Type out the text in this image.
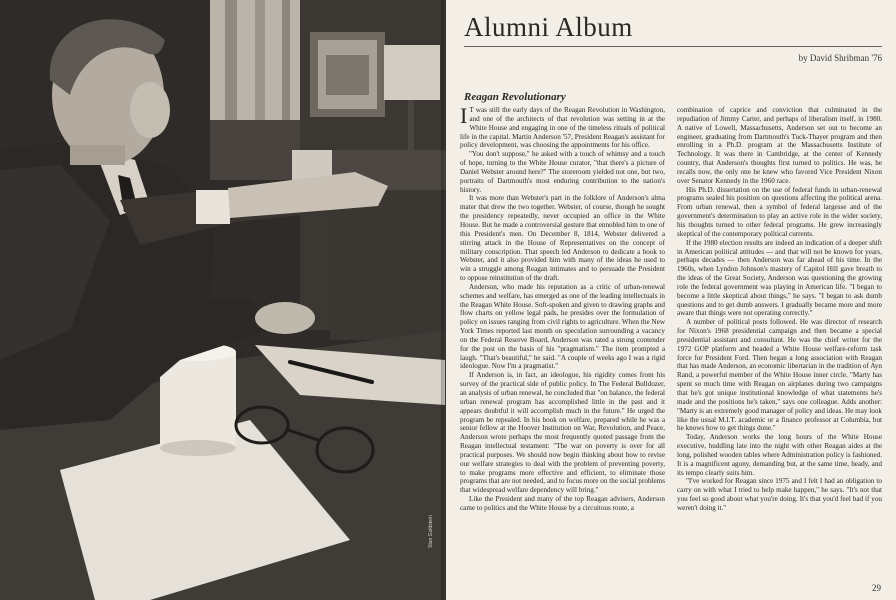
Stan Goldstein
Alumni Album
by David Shribman '76
Reagan Revolutionary

I T was still the early days of the Reagan Revolution in Washington, and one of the architects of that revolution was setting in at the White House and engaging in one of the timeless rituals of political life in the capital. Martin Anderson '57, President Reagan's assistant for policy development, was choosing the appointments for his office.

"You don't suppose," he asked with a touch of whimsy and a touch of hope, turning to the White House curator, "that there's a picture of Daniel Webster around here?" The storeroom yielded not one, but two, portraits of Dartmouth's most enduring contribution to the nation's history.

It was more than Webster's part in the folklore of Anderson's alma mater that drew the two together. Webster, of course, though he sought the presidency repeatedly, never occupied an office in the White House. But he made a controversial gesture that ennobled him to one of this President's men. On December 8, 1814, Webster delivered a stirring attack in the House of Representatives on the concept of military conscription. That speech led Anderson to dedicate a book to Webster, and it also provided him with many of the ideas he used to win a struggle among Reagan intimates and to persuade the President to oppose reinstitution of the draft.

Anderson, who made his reputation as a critic of urban-renewal schemes and welfare, has emerged as one of the leading intellectuals in the Reagan White House. Soft-spoken and given to drawing graphs and flow charts on yellow legal pads, he presides over the formulation of policy on issues ranging from civil rights to agriculture. When the New York Times reported last month on speculation surrounding a vacancy on the Federal Reserve Board, Anderson was rated a strong contender for the post on the basis of his "pragmatism." The item prompted a laugh. "That's beautiful," he said. "A couple of weeks ago I was a rigid ideologue. Now I'm a pragmatist."

If Anderson is, in fact, an ideologue, his rigidity comes from his survey of the practical side of public policy. In The Federal Bulldozer, an analysis of urban renewal, he concluded that "on balance, the federal urban renewal program has accomplished little in the past and it appears doubtful it will accomplish much in the future." He urged the program be repealed. In his book on welfare, prepared while he was a senior fellow at the Hoover Institution on War, Revolution, and Peace, Anderson wrote perhaps the most frequently quoted passage from the Reagan intellectual testament: "The war on poverty is over for all practical purposes. We should now begin thinking about how to revise our welfare strategies to deal with the problem of preventing poverty, to make programs more effective and efficient, to eliminate those programs that are not needed, and to focus more on the social problems that widespread welfare dependency will bring."

Like the President and many of the top Reagan advisers, Anderson came to politics and the White House by a circuitous route, a

combination of caprice and conviction that culminated in the repudiation of Jimmy Carter, and perhaps of liberalism itself, in 1980. A native of Lowell, Massachusetts, Anderson set out to become an engineer, graduating from Dartmouth's Tuck-Thayer program and then enrolling in a Ph.D. program at the Massachusetts Institute of Technology. It was there in Cambridge, at the center of Kennedy country, that Anderson's thoughts first turned to politics. He was, he recalls now, the only one he knew who favored Vice President Nixon over Senator Kennedy in the 1960 race.

His Ph.D. dissertation on the use of federal funds in urban-renewal programs sealed his position on questions affecting the political arena. From urban renewal, then a symbol of federal largesse and of the government's determination to play an active role in the wider society, his thoughts turned to other federal programs. He grew increasingly skeptical of the contemporary political currents.

If the 1980 election results are indeed an indication of a deeper shift in American political attitudes — and that will not be known for years, perhaps decades — then Anderson was far ahead of his time. In the 1960s, when Lyndon Johnson's mastery of Capitol Hill gave breath to the ideas of the Great Society, Anderson was questioning the growing role the federal government was playing in American life. "I began to become a little skeptical about things," he says. "I began to ask dumb questions and to get dumb answers. I gradually became more and more aware that things were not operating correctly."

A number of political posts followed. He was director of research for Nixon's 1968 presidential campaign and then became a special presidential assistant and consultant. He was the chief writer for the 1972 GOP platform and headed a White House welfare-reform task force for President Ford. Then began a long association with Reagan that has made Anderson, an economic libertarian in the tradition of Ayn Rand, a powerful member of the White House inner circle. "Marty has spent so much time with Reagan on airplanes during two campaigns that he's got unique institutional knowledge of what statements he's made and the positions he's taken," says one colleague. Adds another: "Marty is an extremely good manager of policy and ideas. He may look like the usual M.I.T. academic or a finance professor at Columbia, but he knows how to get things done."

Today, Anderson works the long hours of the White House executive, huddling late into the night with other Reagan aides at the long, polished wooden tables where Administration policy is fashioned. It is a magnificent agony, demanding but, at the same time, heady, and its tempo clearly suits him.

"I've worked for Reagan since 1975 and I felt I had an obligation to carry on with what I tried to help make happen," he says. "It's not that you feel so good about what you're doing. It's that you'd feel bad if you weren't doing it."

29
